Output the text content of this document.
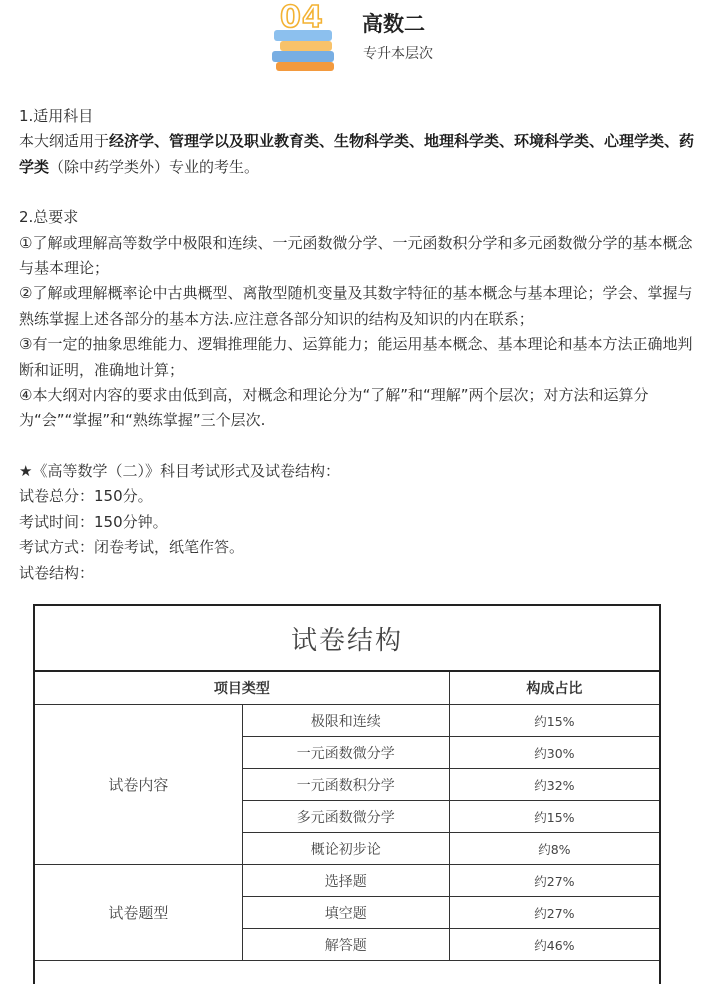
04 高数二
专升本层次

1.适用科目

本大纲适用于经济学、管理学以及职业教育类、生物科学类、地理科学类、环境科学类、心理学类、药学类（除中药学类外）专业的考生。

2.总要求

①了解或理解高等数学中极限和连续、一元函数微分学、一元函数积分学和多元函数微分学的基本概念与基本理论；

②了解或理解概率论中古典概型、离散型随机变量及其数字特征的基本概念与基本理论；学会、掌握与熟练掌握上述各部分的基本方法.应注意各部分知识的结构及知识的内在联系；

③有一定的抽象思维能力、逻辑推理能力、运算能力；能运用基本概念、基本理论和基本方法正确地判断和证明，准确地计算；

④本大纲对内容的要求由低到高，对概念和理论分为“了解”和“理解”两个层次；对方法和运算分为“会”“掌握”和“熟练掌握”三个层次.

★《高等数学（二）》科目考试形式及试卷结构：

试卷总分：150分。

考试时间：150分钟。

考试方式：闭卷考试，纸笔作答。

试卷结构：

试卷结构
项目类型		构成占比
试卷内容	极限和连续	约15%
	一元函数微分学	约30%
	一元函数积分学	约32%
	多元函数微分学	约15%
	概论初步论	约8%
试卷题型	选择题	约27%
	填空题	约27%
	解答题	约46%
